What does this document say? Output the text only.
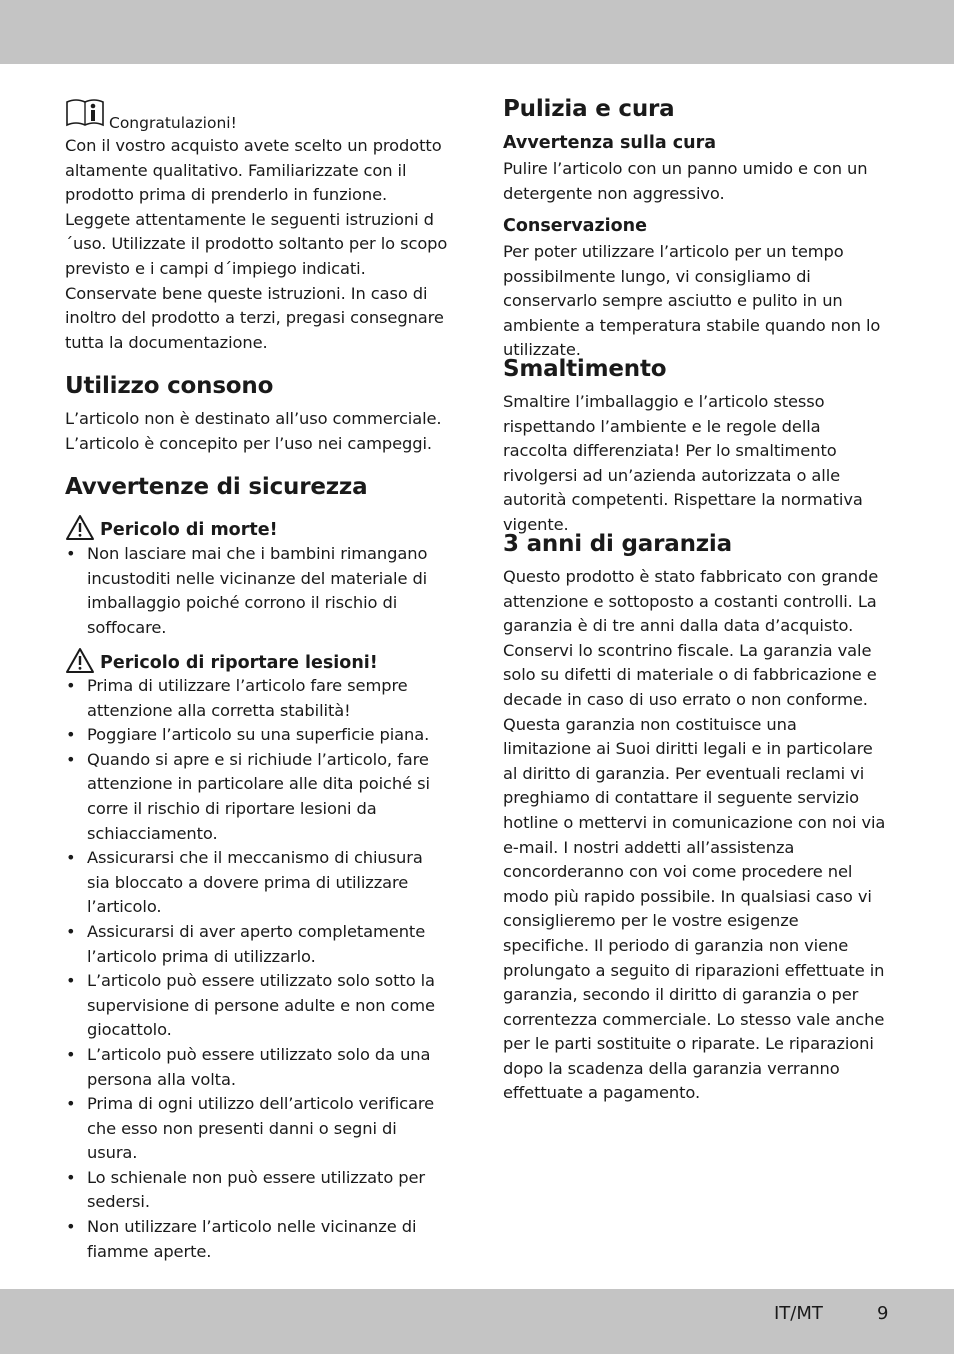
Congratulazioni!

Con il vostro acquisto avete scelto un prodotto altamente qualitativo. Familiarizzate con il prodotto prima di prenderlo in funzione. Leggete attentamente le seguenti istruzioni d´uso. Utilizzate il prodotto soltanto per lo scopo previsto e i campi d´impiego indicati. Conservate bene queste istruzioni. In caso di inoltro del prodotto a terzi, pregasi consegnare tutta la documentazione.

Utilizzo consono

L’articolo non è destinato all’uso commerciale. L’articolo è concepito per l’uso nei campeggi.

Avvertenze di sicurezza
Pericolo di morte!
• Non lasciare mai che i bambini rimangano incustoditi nelle vicinanze del materiale di imballaggio poiché corrono il rischio di soffocare.
Pericolo di riportare lesioni!
• Prima di utilizzare l’articolo fare sempre attenzione alla corretta stabilità!
• Poggiare l’articolo su una superficie piana.
• Quando si apre e si richiude l’articolo, fare attenzione in particolare alle dita poiché si corre il rischio di riportare lesioni da schiacciamento.
• Assicurarsi che il meccanismo di chiusura sia bloccato a dovere prima di utilizzare l’articolo.
• Assicurarsi di aver aperto completamente l’articolo prima di utilizzarlo.
• L’articolo può essere utilizzato solo sotto la supervisione di persone adulte e non come giocattolo.
• L’articolo può essere utilizzato solo da una persona alla volta.
• Prima di ogni utilizzo dell’articolo verificare che esso non presenti danni o segni di usura.
• Lo schienale non può essere utilizzato per sedersi.
• Non utilizzare l’articolo nelle vicinanze di fiamme aperte.
Pulizia e cura
Avvertenza sulla cura

Pulire l’articolo con un panno umido e con un detergente non aggressivo.

Conservazione

Per poter utilizzare l’articolo per un tempo possibilmente lungo, vi consigliamo di conservarlo sempre asciutto e pulito in un ambiente a temperatura stabile quando non lo utilizzate.

Smaltimento

Smaltire l’imballaggio e l’articolo stesso rispettando l’ambiente e le regole della raccolta differenziata! Per lo smaltimento rivolgersi ad un’azienda autorizzata o alle autorità competenti. Rispettare la normativa vigente.

3 anni di garanzia

Questo prodotto è stato fabbricato con grande attenzione e sottoposto a costanti controlli. La garanzia è di tre anni dalla data d’acquisto. Conservi lo scontrino fiscale. La garanzia vale solo su difetti di materiale o di fabbricazione e decade in caso di uso errato o non conforme. Questa garanzia non costituisce una limitazione ai Suoi diritti legali e in particolare al diritto di garanzia. Per eventuali reclami vi preghiamo di contattare il seguente servizio hotline o mettervi in comunicazione con noi via e-mail. I nostri addetti all’assistenza concorderanno con voi come procedere nel modo più rapido possibile. In qualsiasi caso vi consiglieremo per le vostre esigenze specifiche. Il periodo di garanzia non viene prolungato a seguito di riparazioni effettuate in garanzia, secondo il diritto di garanzia o per correntezza commerciale. Lo stesso vale anche per le parti sostituite o riparate. Le riparazioni dopo la scadenza della garanzia verranno effettuate a pagamento.

IT/MT	9
